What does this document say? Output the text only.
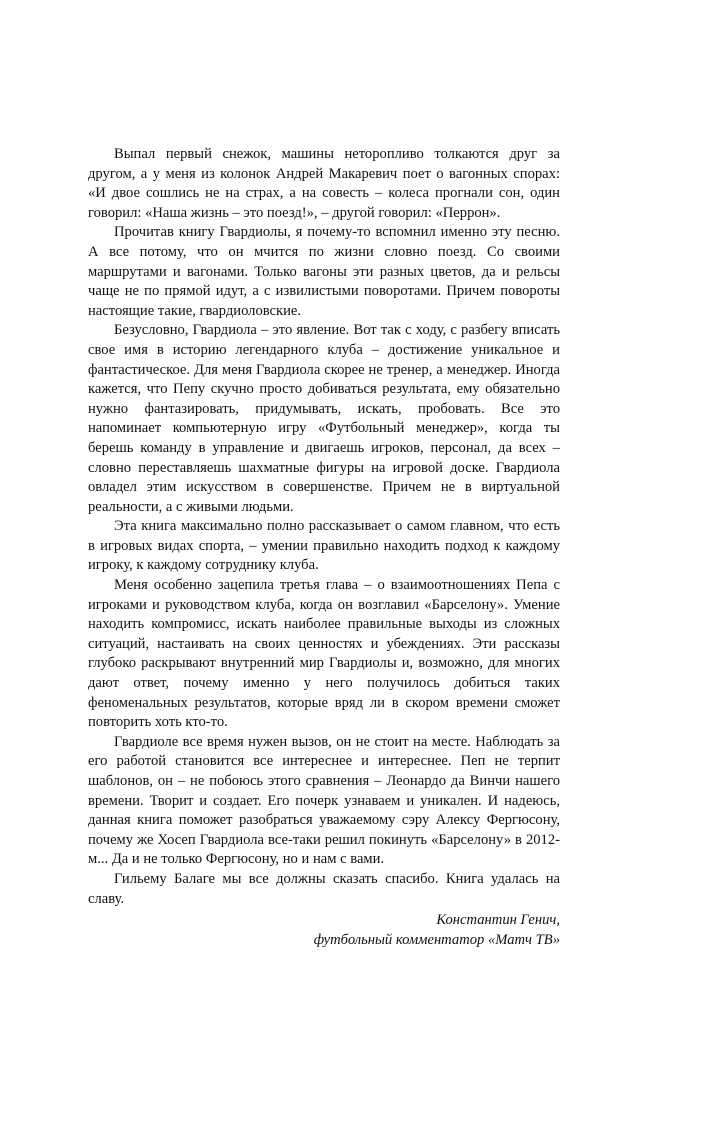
Выпал первый снежок, машины неторопливо толкаются друг за другом, а у меня из колонок Андрей Макаревич поет о вагонных спорах: «И двое сошлись не на страх, а на совесть – колеса прогнали сон, один говорил: «Наша жизнь – это поезд!», – другой говорил: «Перрон».

Прочитав книгу Гвардиолы, я почему-то вспомнил именно эту песню. А все потому, что он мчится по жизни словно поезд. Со своими маршрутами и вагонами. Только вагоны эти разных цветов, да и рельсы чаще не по прямой идут, а с извилистыми поворотами. Причем повороты настоящие такие, гвардиоловские.

Безусловно, Гвардиола – это явление. Вот так с ходу, с разбегу вписать свое имя в историю легендарного клуба – достижение уникальное и фантастическое. Для меня Гвардиола скорее не тренер, а менеджер. Иногда кажется, что Пепу скучно просто добиваться результата, ему обязательно нужно фантазировать, придумывать, искать, пробовать. Все это напоминает компьютерную игру «Футбольный менеджер», когда ты берешь команду в управление и двигаешь игроков, персонал, да всех – словно переставляешь шахматные фигуры на игровой доске. Гвардиола овладел этим искусством в совершенстве. Причем не в виртуальной реальности, а с живыми людьми.

Эта книга максимально полно рассказывает о самом главном, что есть в игровых видах спорта, – умении правильно находить подход к каждому игроку, к каждому сотруднику клуба.

Меня особенно зацепила третья глава – о взаимоотношениях Пепа с игроками и руководством клуба, когда он возглавил «Барселону». Умение находить компромисс, искать наиболее правильные выходы из сложных ситуаций, настаивать на своих ценностях и убеждениях. Эти рассказы глубоко раскрывают внутренний мир Гвардиолы и, возможно, для многих дают ответ, почему именно у него получилось добиться таких феноменальных результатов, которые вряд ли в скором времени сможет повторить хоть кто-то.

Гвардиоле все время нужен вызов, он не стоит на месте. Наблюдать за его работой становится все интереснее и интереснее. Пеп не терпит шаблонов, он – не побоюсь этого сравнения – Леонардо да Винчи нашего времени. Творит и создает. Его почерк узнаваем и уникален. И надеюсь, данная книга поможет разобраться уважаемому сэру Алексу Фергюсону, почему же Хосеп Гвардиола все-таки решил покинуть «Барселону» в 2012-м... Да и не только Фергюсону, но и нам с вами.

Гильему Балаге мы все должны сказать спасибо. Книга удалась на славу.

Константин Генич,
футбольный комментатор «Матч ТВ»
